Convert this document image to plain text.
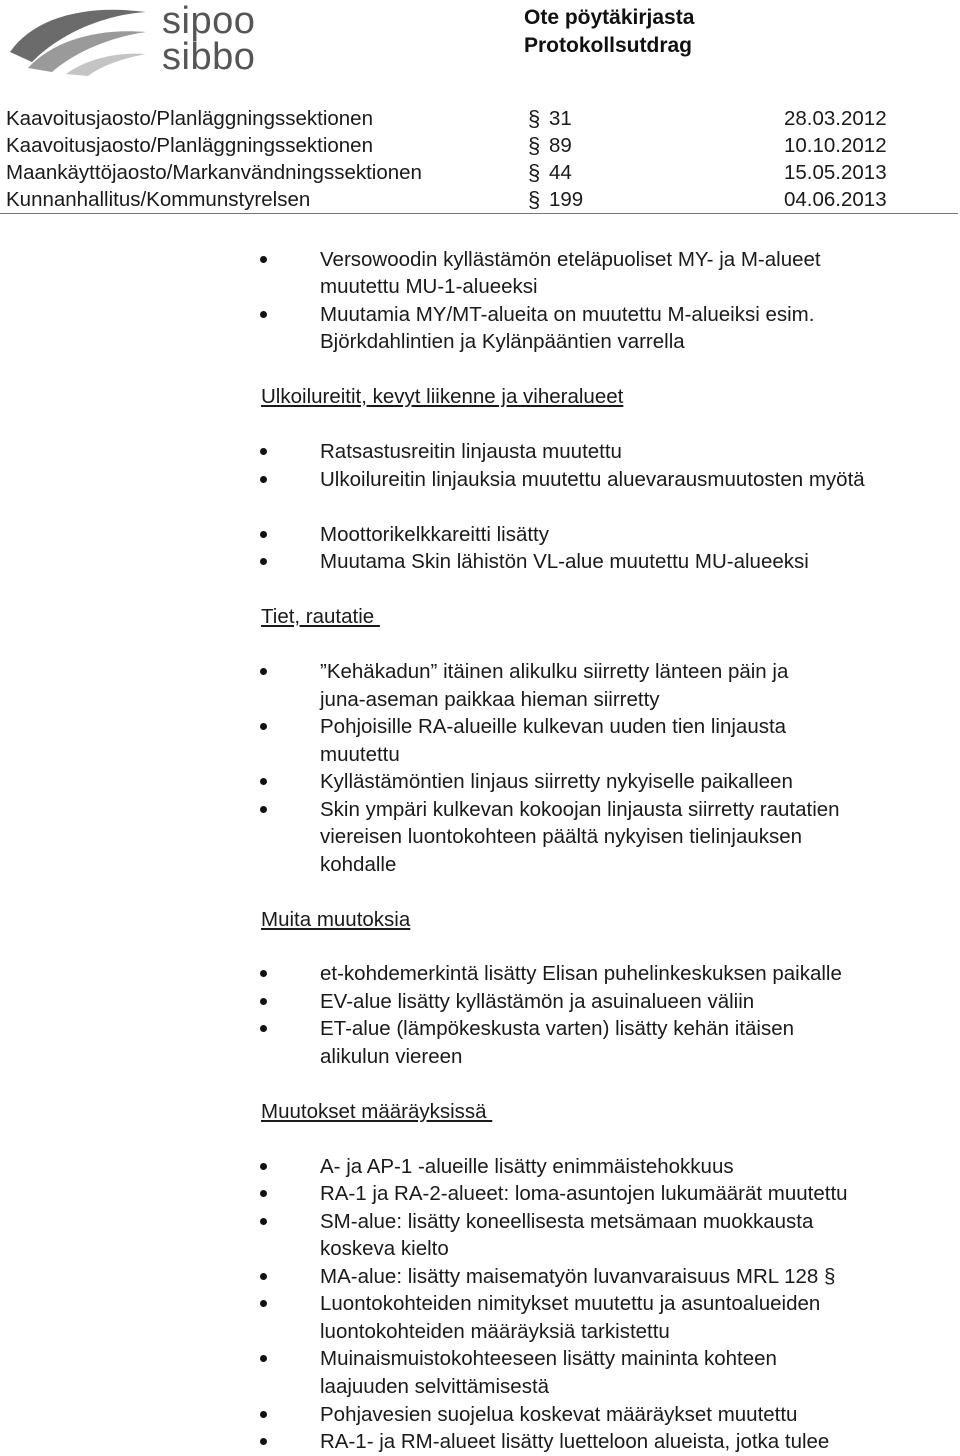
sipoo
sibbo
Ote pöytäkirjasta
Protokollsutdrag
Kaavoitusjaosto/Planläggningssektionen	§ 31	28.03.2012
Kaavoitusjaosto/Planläggningssektionen	§ 89	10.10.2012
Maankäyttöjaosto/Markanvändningssektionen	§ 44	15.05.2013
Kunnanhallitus/Kommunstyrelsen	§ 199	04.06.2013
Versowoodin kyllästämön eteläpuoliset MY- ja M-alueet
muutettu MU-1-alueeksi
Muutamia MY/MT-alueita on muutettu M-alueiksi esim.
Björkdahlintien ja Kylänpääntien varrella
Ulkoilureitit, kevyt liikenne ja viheralueet
Ratsastusreitin linjausta muutettu
Ulkoilureitin linjauksia muutettu aluevarausmuutosten myötä
Moottorikelkkareitti lisätty
Muutama Skin lähistön VL-alue muutettu MU-alueeksi
Tiet, rautatie
”Kehäkadun” itäinen alikulku siirretty länteen päin ja
juna-aseman paikkaa hieman siirretty
Pohjoisille RA-alueille kulkevan uuden tien linjausta
muutettu
Kyllästämöntien linjaus siirretty nykyiselle paikalleen
Skin ympäri kulkevan kokoojan linjausta siirretty rautatien
viereisen luontokohteen päältä nykyisen tielinjauksen
kohdalle
Muita muutoksia
et-kohdemerkintä lisätty Elisan puhelinkeskuksen paikalle
EV-alue lisätty kyllästämön ja asuinalueen väliin
ET-alue (lämpökeskusta varten) lisätty kehän itäisen
alikulun viereen
Muutokset määräyksissä
A- ja AP-1 -alueille lisätty enimmäistehokkuus
RA-1 ja RA-2-alueet: loma-asuntojen lukumäärät muutettu
SM-alue: lisätty koneellisesta metsämaan muokkausta
koskeva kielto
MA-alue: lisätty maisematyön luvanvaraisuus MRL 128 §
Luontokohteiden nimitykset muutettu ja asuntoalueiden
luontokohteiden määräyksiä tarkistettu
Muinaismuistokohteeseen lisätty maininta kohteen
laajuuden selvittämisestä
Pohjavesien suojelua koskevat määräykset muutettu
RA-1- ja RM-alueet lisätty luetteloon alueista, jotka tulee
